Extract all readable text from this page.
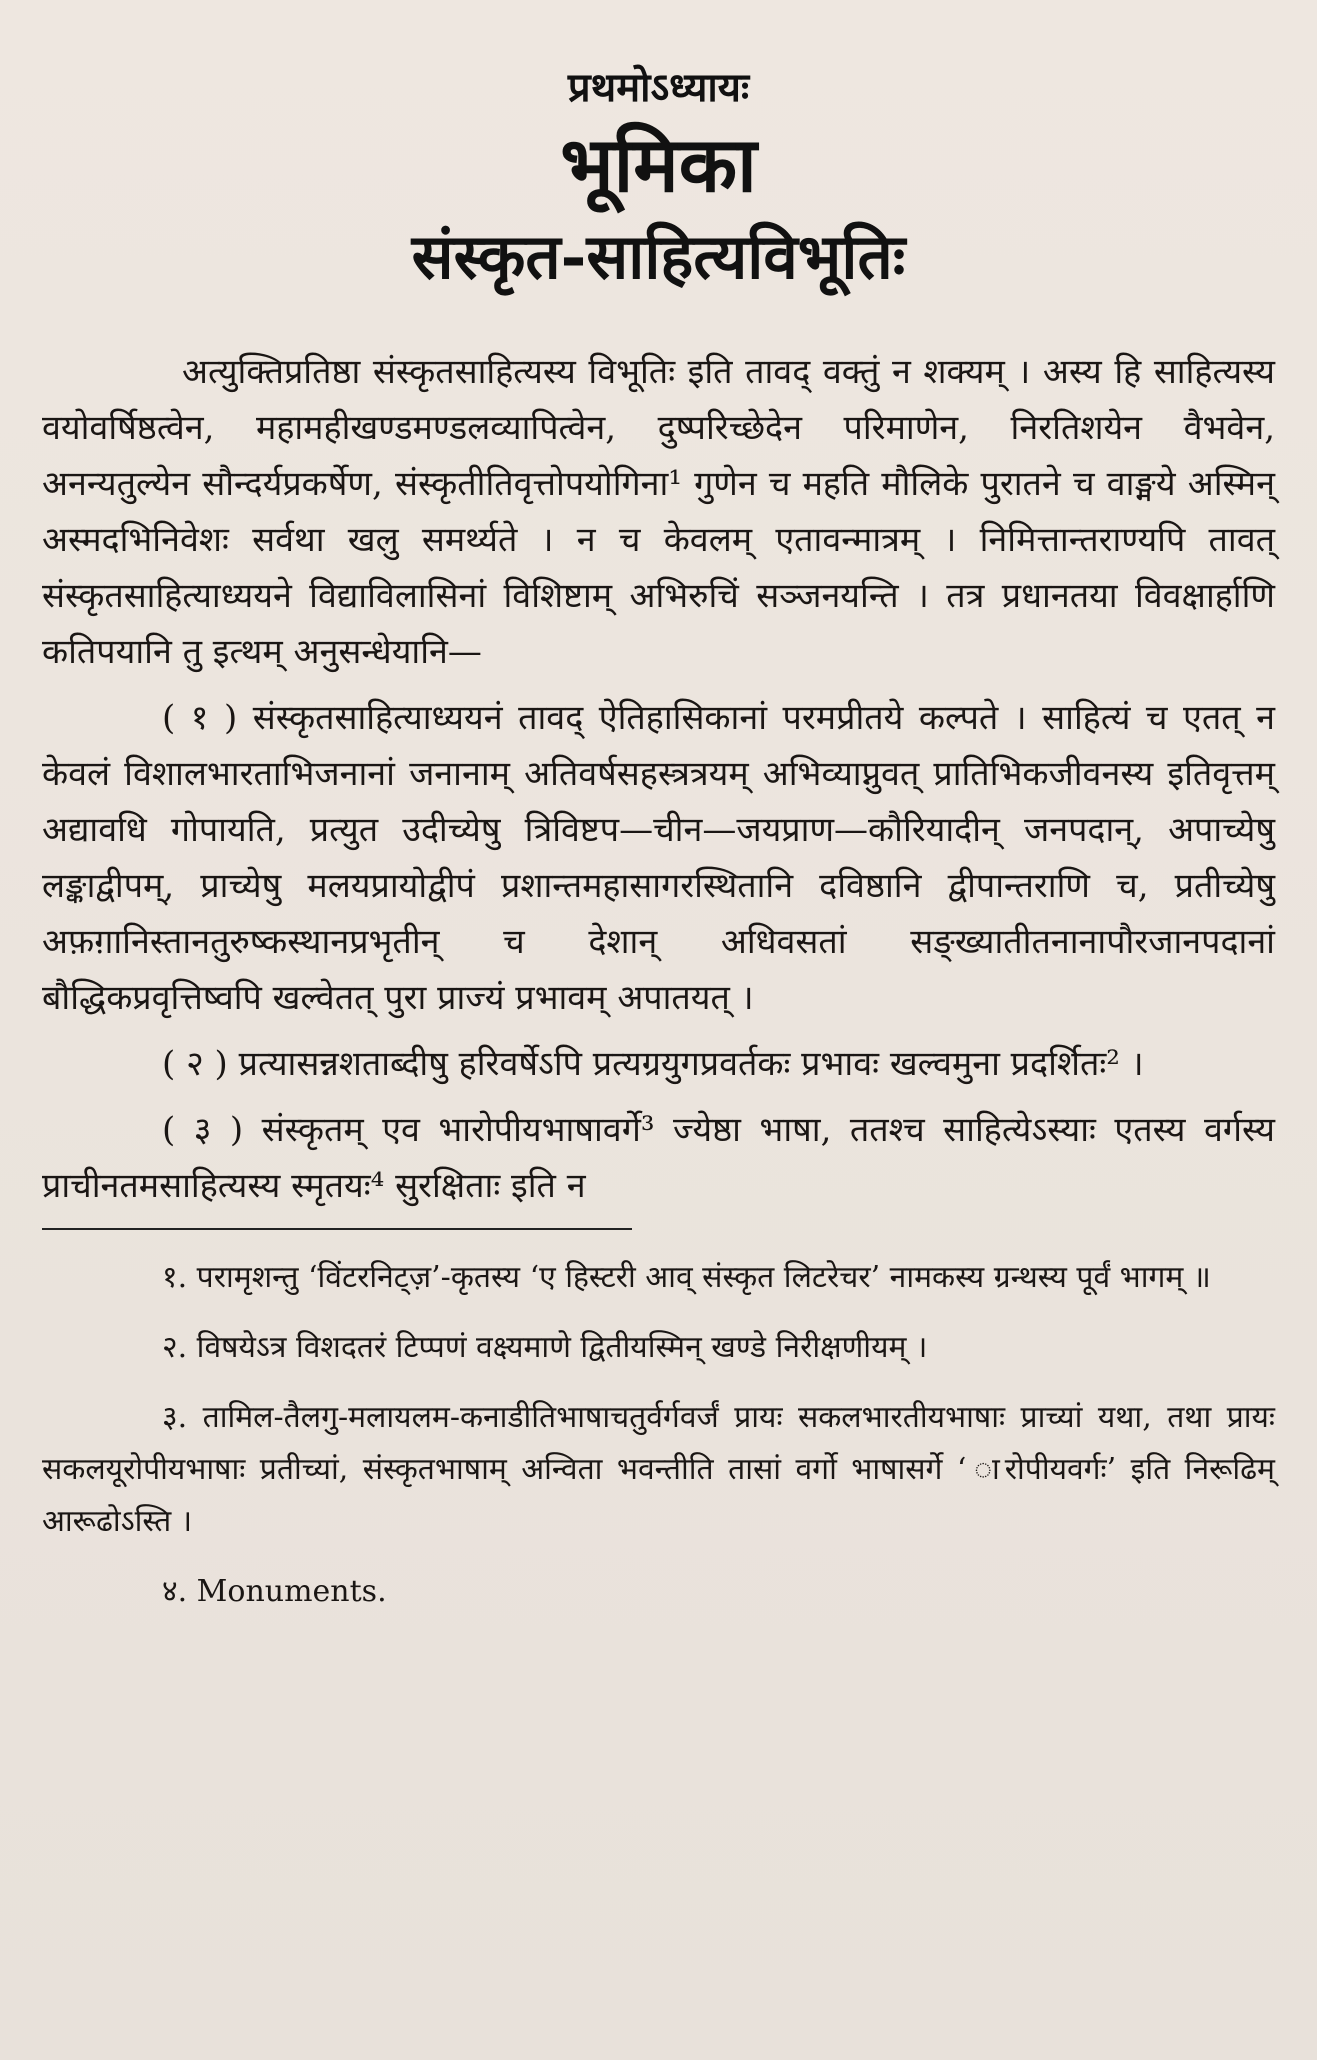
प्रथमोऽध्यायः
भूमिका
संस्कृत-साहित्यविभूतिः

अत्युक्तिप्रतिष्ठा संस्कृतसाहित्यस्य विभूतिः इति तावद् वक्तुं न शक्यम् । अस्य हि साहित्यस्य वयोवर्षिष्ठत्वेन, महामहीखण्डमण्डलव्यापित्वेन, दुष्परिच्छेदेन परिमाणेन, निरतिशयेन वैभवेन, अनन्यतुल्येन सौन्दर्यप्रकर्षेण, संस्कृतीतिवृत्तोपयोगिना¹ गुणेन च महति मौलिके पुरातने च वाङ्मये अस्मिन् अस्मदभिनिवेशः सर्वथा खलु समर्थ्यते । न च केवलम् एतावन्मात्रम् । निमित्तान्तराण्यपि तावत् संस्कृतसाहित्याध्ययने विद्याविलासिनां विशिष्टाम् अभिरुचिं सञ्जनयन्ति । तत्र प्रधानतया विवक्षार्हाणि कतिपयानि तु इत्थम् अनुसन्धेयानि—

( १ ) संस्कृतसाहित्याध्ययनं तावद् ऐतिहासिकानां परमप्रीतये कल्पते । साहित्यं च एतत् न केवलं विशालभारताभिजनानां जनानाम् अतिवर्षसहस्त्रत्रयम् अभिव्याप्नुवत् प्रातिभिकजीवनस्य इतिवृत्तम् अद्यावधि गोपायति, प्रत्युत उदीच्येषु त्रिविष्टप—चीन—जयप्राण—कौरियादीन् जनपदान्, अपाच्येषु लङ्काद्वीपम्, प्राच्येषु मलयप्रायोद्वीपं प्रशान्तमहासागरस्थितानि दविष्ठानि द्वीपान्तराणि च, प्रतीच्येषु अफ़ग़ानिस्तानतुरुष्कस्थानप्रभृतीन् च देशान् अधिवसतां सङ्ख्यातीतनानापौरजानपदानां बौद्धिकप्रवृत्तिष्वपि खल्वेतत् पुरा प्राज्यं प्रभावम् अपातयत् ।

( २ ) प्रत्यासन्नशताब्दीषु हरिवर्षेऽपि प्रत्यग्रयुगप्रवर्तकः प्रभावः खल्वमुना प्रदर्शितः² ।

( ३ ) संस्कृतम् एव भारोपीयभाषावर्गे³ ज्येष्ठा भाषा, ततश्च साहित्येऽस्याः एतस्य वर्गस्य प्राचीनतमसाहित्यस्य स्मृतयः⁴ सुरक्षिताः इति न

१. परामृशन्तु ‘विंटरनिट्ज़’-कृतस्य ‘ए हिस्टरी आव् संस्कृत लिटरेचर’ नामकस्य ग्रन्थस्य पूर्वं भागम् ॥

२. विषयेऽत्र विशदतरं टिप्पणं वक्ष्यमाणे द्वितीयस्मिन् खण्डे निरीक्षणीयम् ।

३. तामिल-तैलगु-मलायलम-कनाडीतिभाषाचतुर्वर्गवर्जं प्रायः सकलभारतीयभाषाः प्राच्यां यथा, तथा प्रायः सकलयूरोपीयभाषाः प्रतीच्यां, संस्कृतभाषाम् अन्विता भवन्तीति तासां वर्गो भाषासर्गे ‘ ारोपीयवर्गः’ इति निरूढिम् आरूढोऽस्ति ।

४. Monuments.
